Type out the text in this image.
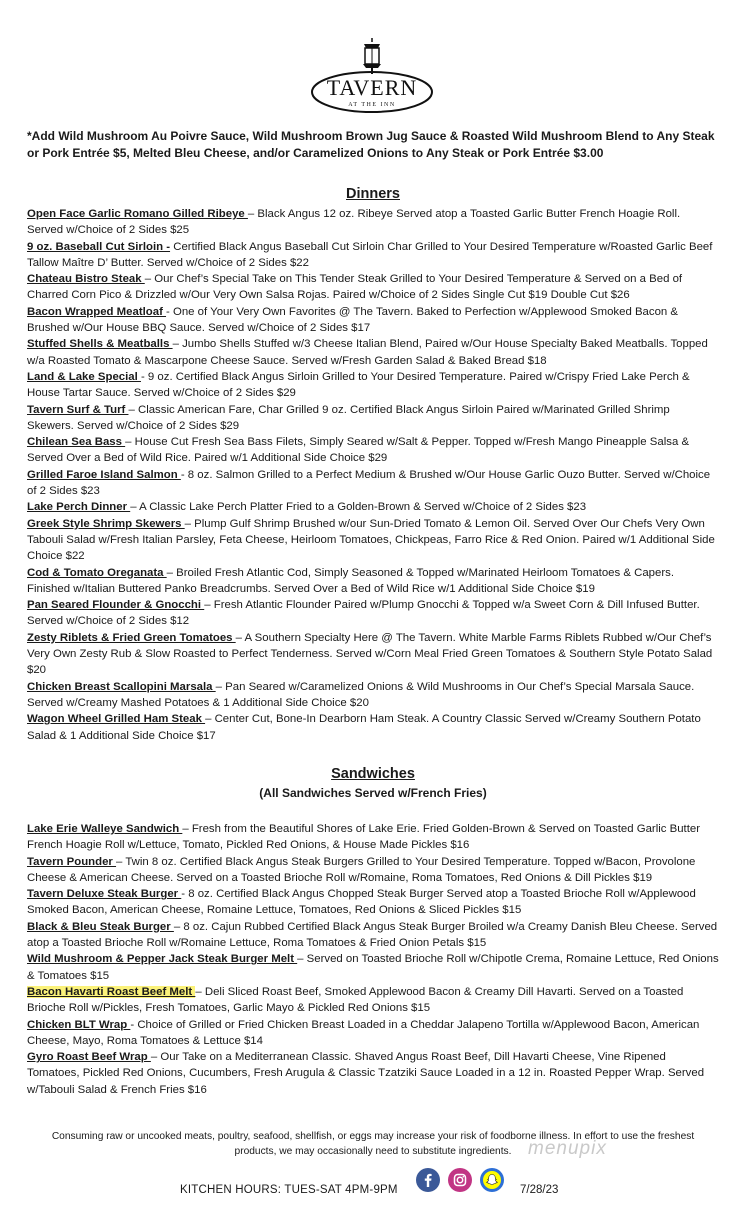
TAVERN
AT THE INN
*Add Wild Mushroom Au Poivre Sauce, Wild Mushroom Brown Jug Sauce & Roasted Wild Mushroom Blend to Any Steak or Pork Entrée $5, Melted Bleu Cheese, and/or Caramelized Onions to Any Steak or Pork Entrée $3.00
Dinners
Open Face Garlic Romano Gilled Ribeye – Black Angus 12 oz. Ribeye Served atop a Toasted Garlic Butter French Hoagie Roll. Served w/Choice of 2 Sides $25
9 oz. Baseball Cut Sirloin - Certified Black Angus Baseball Cut Sirloin Char Grilled to Your Desired Temperature w/Roasted Garlic Beef Tallow Maître D’ Butter. Served w/Choice of 2 Sides $22
Chateau Bistro Steak – Our Chef’s Special Take on This Tender Steak Grilled to Your Desired Temperature & Served on a Bed of Charred Corn Pico & Drizzled w/Our Very Own Salsa Rojas. Paired w/Choice of 2 Sides Single Cut $19 Double Cut $26
Bacon Wrapped Meatloaf - One of Your Very Own Favorites @ The Tavern. Baked to Perfection w/Applewood Smoked Bacon & Brushed w/Our House BBQ Sauce. Served w/Choice of 2 Sides $17
Stuffed Shells & Meatballs – Jumbo Shells Stuffed w/3 Cheese Italian Blend, Paired w/Our House Specialty Baked Meatballs. Topped w/a Roasted Tomato & Mascarpone Cheese Sauce. Served w/Fresh Garden Salad & Baked Bread $18
Land & Lake Special - 9 oz. Certified Black Angus Sirloin Grilled to Your Desired Temperature. Paired w/Crispy Fried Lake Perch & House Tartar Sauce. Served w/Choice of 2 Sides $29
Tavern Surf & Turf – Classic American Fare, Char Grilled 9 oz. Certified Black Angus Sirloin Paired w/Marinated Grilled Shrimp Skewers. Served w/Choice of 2 Sides $29
Chilean Sea Bass – House Cut Fresh Sea Bass Filets, Simply Seared w/Salt & Pepper. Topped w/Fresh Mango Pineapple Salsa & Served Over a Bed of Wild Rice. Paired w/1 Additional Side Choice $29
Grilled Faroe Island Salmon - 8 oz. Salmon Grilled to a Perfect Medium & Brushed w/Our House Garlic Ouzo Butter. Served w/Choice of 2 Sides $23
Lake Perch Dinner – A Classic Lake Perch Platter Fried to a Golden-Brown & Served w/Choice of 2 Sides $23
Greek Style Shrimp Skewers – Plump Gulf Shrimp Brushed w/our Sun-Dried Tomato & Lemon Oil. Served Over Our Chefs Very Own Tabouli Salad w/Fresh Italian Parsley, Feta Cheese, Heirloom Tomatoes, Chickpeas, Farro Rice & Red Onion. Paired w/1 Additional Side Choice $22
Cod & Tomato Oreganata – Broiled Fresh Atlantic Cod, Simply Seasoned & Topped w/Marinated Heirloom Tomatoes & Capers. Finished w/Italian Buttered Panko Breadcrumbs. Served Over a Bed of Wild Rice w/1 Additional Side Choice $19
Pan Seared Flounder & Gnocchi – Fresh Atlantic Flounder Paired w/Plump Gnocchi & Topped w/a Sweet Corn & Dill Infused Butter. Served w/Choice of 2 Sides $12
Zesty Riblets & Fried Green Tomatoes – A Southern Specialty Here @ The Tavern. White Marble Farms Riblets Rubbed w/Our Chef’s Very Own Zesty Rub & Slow Roasted to Perfect Tenderness. Served w/Corn Meal Fried Green Tomatoes & Southern Style Potato Salad $20
Chicken Breast Scallopini Marsala – Pan Seared w/Caramelized Onions & Wild Mushrooms in Our Chef’s Special Marsala Sauce. Served w/Creamy Mashed Potatoes & 1 Additional Side Choice $20
Wagon Wheel Grilled Ham Steak – Center Cut, Bone-In Dearborn Ham Steak. A Country Classic Served w/Creamy Southern Potato Salad & 1 Additional Side Choice $17
Sandwiches
(All Sandwiches Served w/French Fries)
Lake Erie Walleye Sandwich – Fresh from the Beautiful Shores of Lake Erie. Fried Golden-Brown & Served on Toasted Garlic Butter French Hoagie Roll w/Lettuce, Tomato, Pickled Red Onions, & House Made Pickles $16
Tavern Pounder – Twin 8 oz. Certified Black Angus Steak Burgers Grilled to Your Desired Temperature. Topped w/Bacon, Provolone Cheese & American Cheese. Served on a Toasted Brioche Roll w/Romaine, Roma Tomatoes, Red Onions & Dill Pickles $19
Tavern Deluxe Steak Burger - 8 oz. Certified Black Angus Chopped Steak Burger Served atop a Toasted Brioche Roll w/Applewood Smoked Bacon, American Cheese, Romaine Lettuce, Tomatoes, Red Onions & Sliced Pickles $15
Black & Bleu Steak Burger – 8 oz. Cajun Rubbed Certified Black Angus Steak Burger Broiled w/a Creamy Danish Bleu Cheese. Served atop a Toasted Brioche Roll w/Romaine Lettuce, Roma Tomatoes & Fried Onion Petals $15
Wild Mushroom & Pepper Jack Steak Burger Melt – Served on Toasted Brioche Roll w/Chipotle Crema, Romaine Lettuce, Red Onions & Tomatoes $15
Bacon Havarti Roast Beef Melt – Deli Sliced Roast Beef, Smoked Applewood Bacon & Creamy Dill Havarti. Served on a Toasted Brioche Roll w/Pickles, Fresh Tomatoes, Garlic Mayo & Pickled Red Onions $15
Chicken BLT Wrap - Choice of Grilled or Fried Chicken Breast Loaded in a Cheddar Jalapeno Tortilla w/Applewood Bacon, American Cheese, Mayo, Roma Tomatoes & Lettuce $14
Gyro Roast Beef Wrap – Our Take on a Mediterranean Classic. Shaved Angus Roast Beef, Dill Havarti Cheese, Vine Ripened Tomatoes, Pickled Red Onions, Cucumbers, Fresh Arugula & Classic Tzatziki Sauce Loaded in a 12 in. Roasted Pepper Wrap. Served w/Tabouli Salad & French Fries $16
menupix
Consuming raw or uncooked meats, poultry, seafood, shellfish, or eggs may increase your risk of foodborne illness. In effort to use the freshest products, we may occasionally need to substitute ingredients.
KITCHEN HOURS: TUES-SAT 4PM-9PM	7/28/23
